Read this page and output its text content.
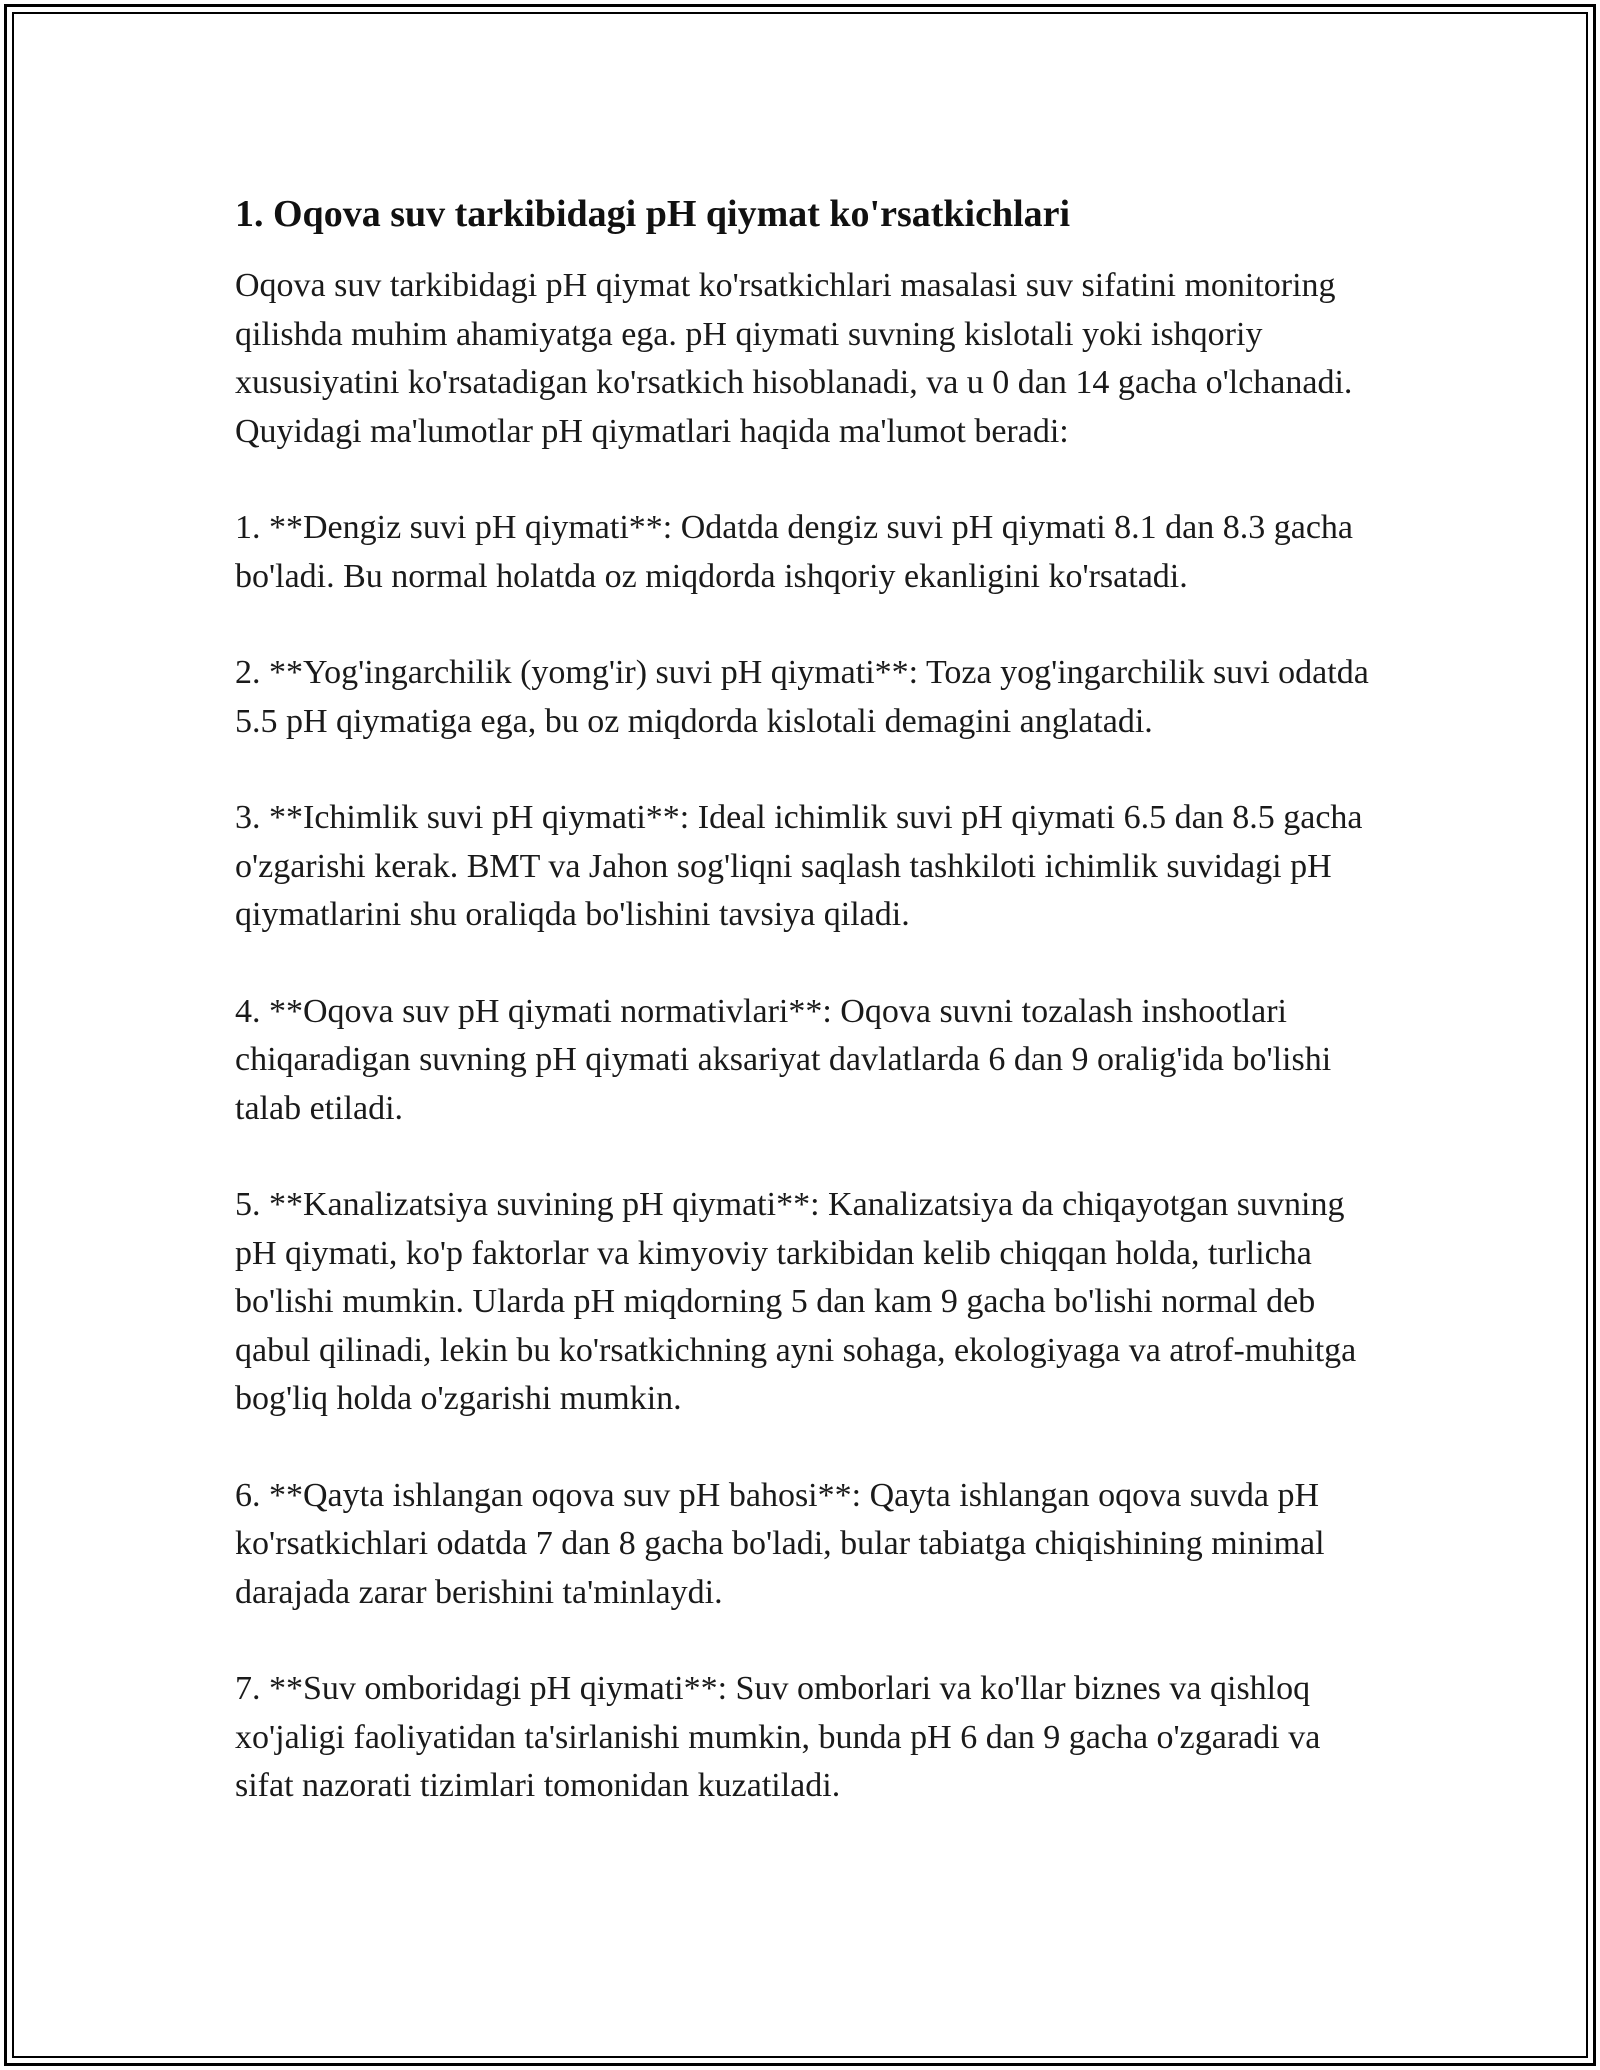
1. Oqova suv tarkibidagi pH qiymat ko'rsatkichlari

Oqova suv tarkibidagi pH qiymat ko'rsatkichlari masalasi suv sifatini monitoring qilishda muhim ahamiyatga ega. pH qiymati suvning kislotali yoki ishqoriy xususiyatini ko'rsatadigan ko'rsatkich hisoblanadi, va u 0 dan 14 gacha o'lchanadi. Quyidagi ma'lumotlar pH qiymatlari haqida ma'lumot beradi:

1. **Dengiz suvi pH qiymati**: Odatda dengiz suvi pH qiymati 8.1 dan 8.3 gacha bo'ladi. Bu normal holatda oz miqdorda ishqoriy ekanligini ko'rsatadi.

2. **Yog'ingarchilik (yomg'ir) suvi pH qiymati**: Toza yog'ingarchilik suvi odatda 5.5 pH qiymatiga ega, bu oz miqdorda kislotali demagini anglatadi.

3. **Ichimlik suvi pH qiymati**: Ideal ichimlik suvi pH qiymati 6.5 dan 8.5 gacha o'zgarishi kerak. BMT va Jahon sog'liqni saqlash tashkiloti ichimlik suvidagi pH qiymatlarini shu oraliqda bo'lishini tavsiya qiladi.

4. **Oqova suv pH qiymati normativlari**: Oqova suvni tozalash inshootlari chiqaradigan suvning pH qiymati aksariyat davlatlarda 6 dan 9 oralig'ida bo'lishi talab etiladi.

5. **Kanalizatsiya suvining pH qiymati**: Kanalizatsiya da chiqayotgan suvning pH qiymati, ko'p faktorlar va kimyoviy tarkibidan kelib chiqqan holda, turlicha bo'lishi mumkin. Ularda pH miqdorning 5 dan kam 9 gacha bo'lishi normal deb qabul qilinadi, lekin bu ko'rsatkichning ayni sohaga, ekologiyaga va atrof-muhitga bog'liq holda o'zgarishi mumkin.

6. **Qayta ishlangan oqova suv pH bahosi**: Qayta ishlangan oqova suvda pH ko'rsatkichlari odatda 7 dan 8 gacha bo'ladi, bular tabiatga chiqishining minimal darajada zarar berishini ta'minlaydi.

7. **Suv omboridagi pH qiymati**: Suv omborlari va ko'llar biznes va qishloq xo'jaligi faoliyatidan ta'sirlanishi mumkin, bunda pH 6 dan 9 gacha o'zgaradi va sifat nazorati tizimlari tomonidan kuzatiladi.
